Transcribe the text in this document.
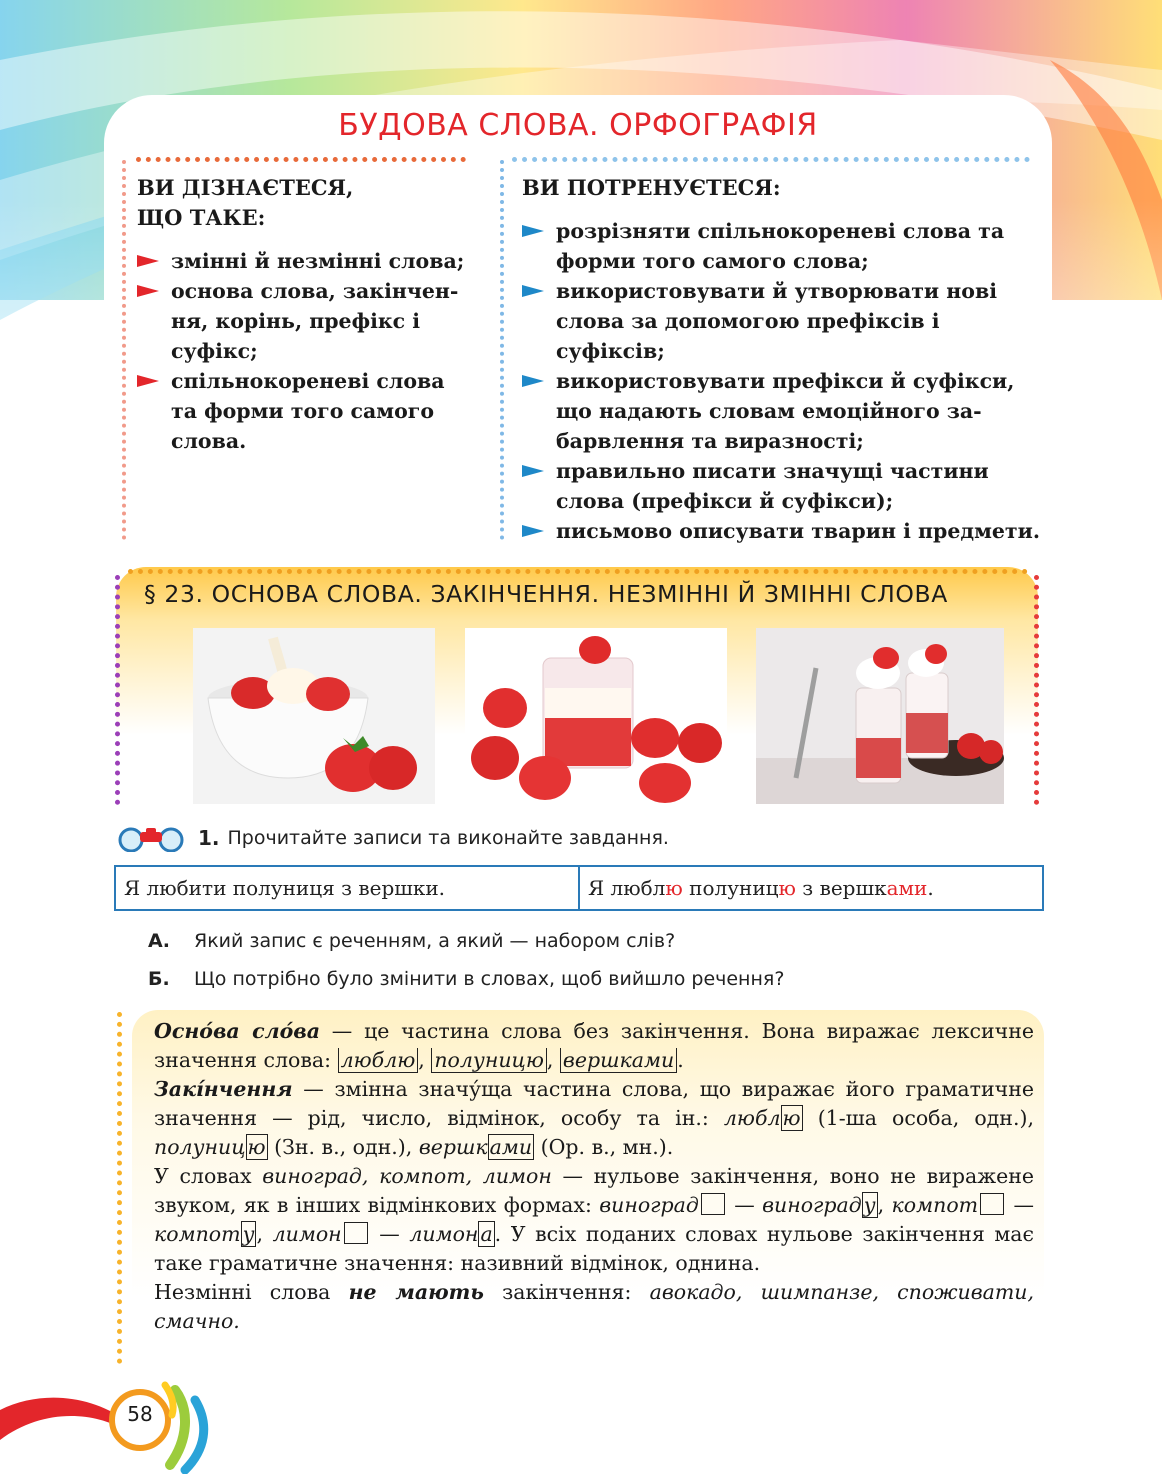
БУДОВА СЛОВА. ОРФОГРАФІЯ
ВИ ДІЗНАЄТЕСЯ,
ЩО ТАКЕ:
змінні й незмінні слова;
основа слова, закінчен-
ня, корінь, префікс і
суфікс;
спільнокореневі слова
та форми того самого
слова.
ВИ ПОТРЕНУЄТЕСЯ:
розрізняти спільнокореневі слова та
форми того самого слова;
використовувати й утворювати нові
слова за допомогою префіксів і суфіксів;
використовувати префікси й суфікси,
що надають словам емоційного за-
барвлення та виразності;
правильно писати значущі частини
слова (префікси й суфікси);
письмово описувати тварин і предмети.
§ 23. ОСНОВА СЛОВА. ЗАКІНЧЕННЯ. НЕЗМІННІ Й ЗМІННІ СЛОВА
1. Прочитайте записи та виконайте завдання.
Я любити полуниця з вершки.	Я люблю полуницю з вершками.
А. Який запис є реченням, а який — набором слів?
Б. Що потрібно було змінити в словах, щоб вийшло речення?

Осно́ва сло́ва — це частина слова без закінчення. Вона виражає лексичне значення слова: люблю , полуницю , вершками .

Закі́нчення — змінна значу́ща частина слова, що виражає його граматичне значення — рід, число, відмінок, особу та ін.: люблю (1-ша особа, одн.), полуницю (Зн. в., одн.), вершками (Ор. в., мн.).

У словах виноград, компот, лимон — нульове закінчення, воно не виражене звуком, як в інших відмінкових формах: виноград — винограду, компот — компоту, лимон — лимона. У всіх поданих словах нульове закінчення має таке граматичне значення: називний відмінок, однина.

Незмінні слова не мають закінчення: авокадо, шимпанзе, споживати, смачно.

58
